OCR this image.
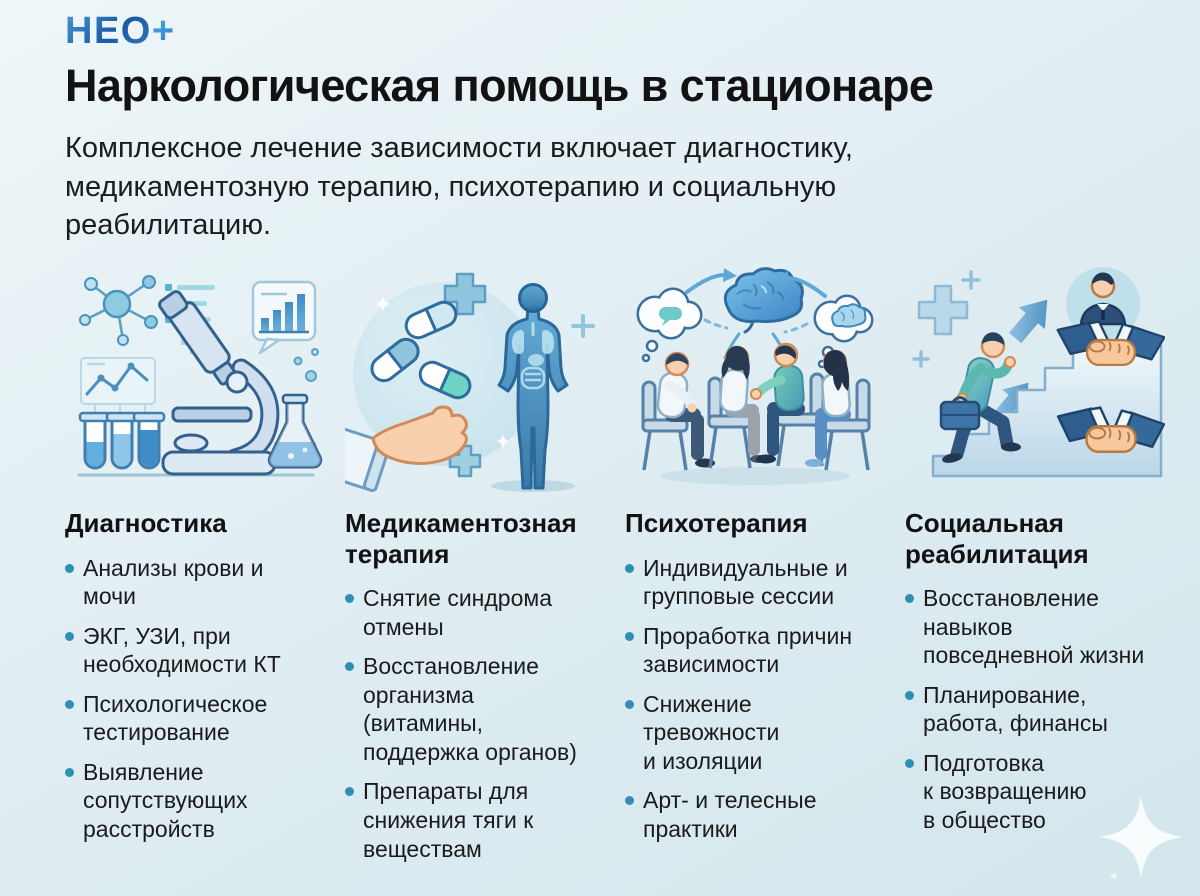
НЕО+
Наркологическая помощь в стационаре

Комплексное лечение зависимости включает диагностику, медикаментозную терапию, психотерапию и социальную реабилитацию.

Диагностика
Анализы крови и мочи
ЭКГ, УЗИ, при необходимости КТ
Психологическое тестирование
Выявление сопутствующих расстройств
Медикаментозная терапия
Снятие синдрома отмены
Восстановление организма (витамины, поддержка органов)
Препараты для снижения тяги к веществам
Психотерапия
Индивидуальные и групповые сессии
Проработка причин зависимости
Снижение тревожности и изоляции
Арт- и телесные практики
Социальная реабилитация
Восстановление навыков повседневной жизни
Планирование, работа, финансы
Подготовка к возвращению в общество
